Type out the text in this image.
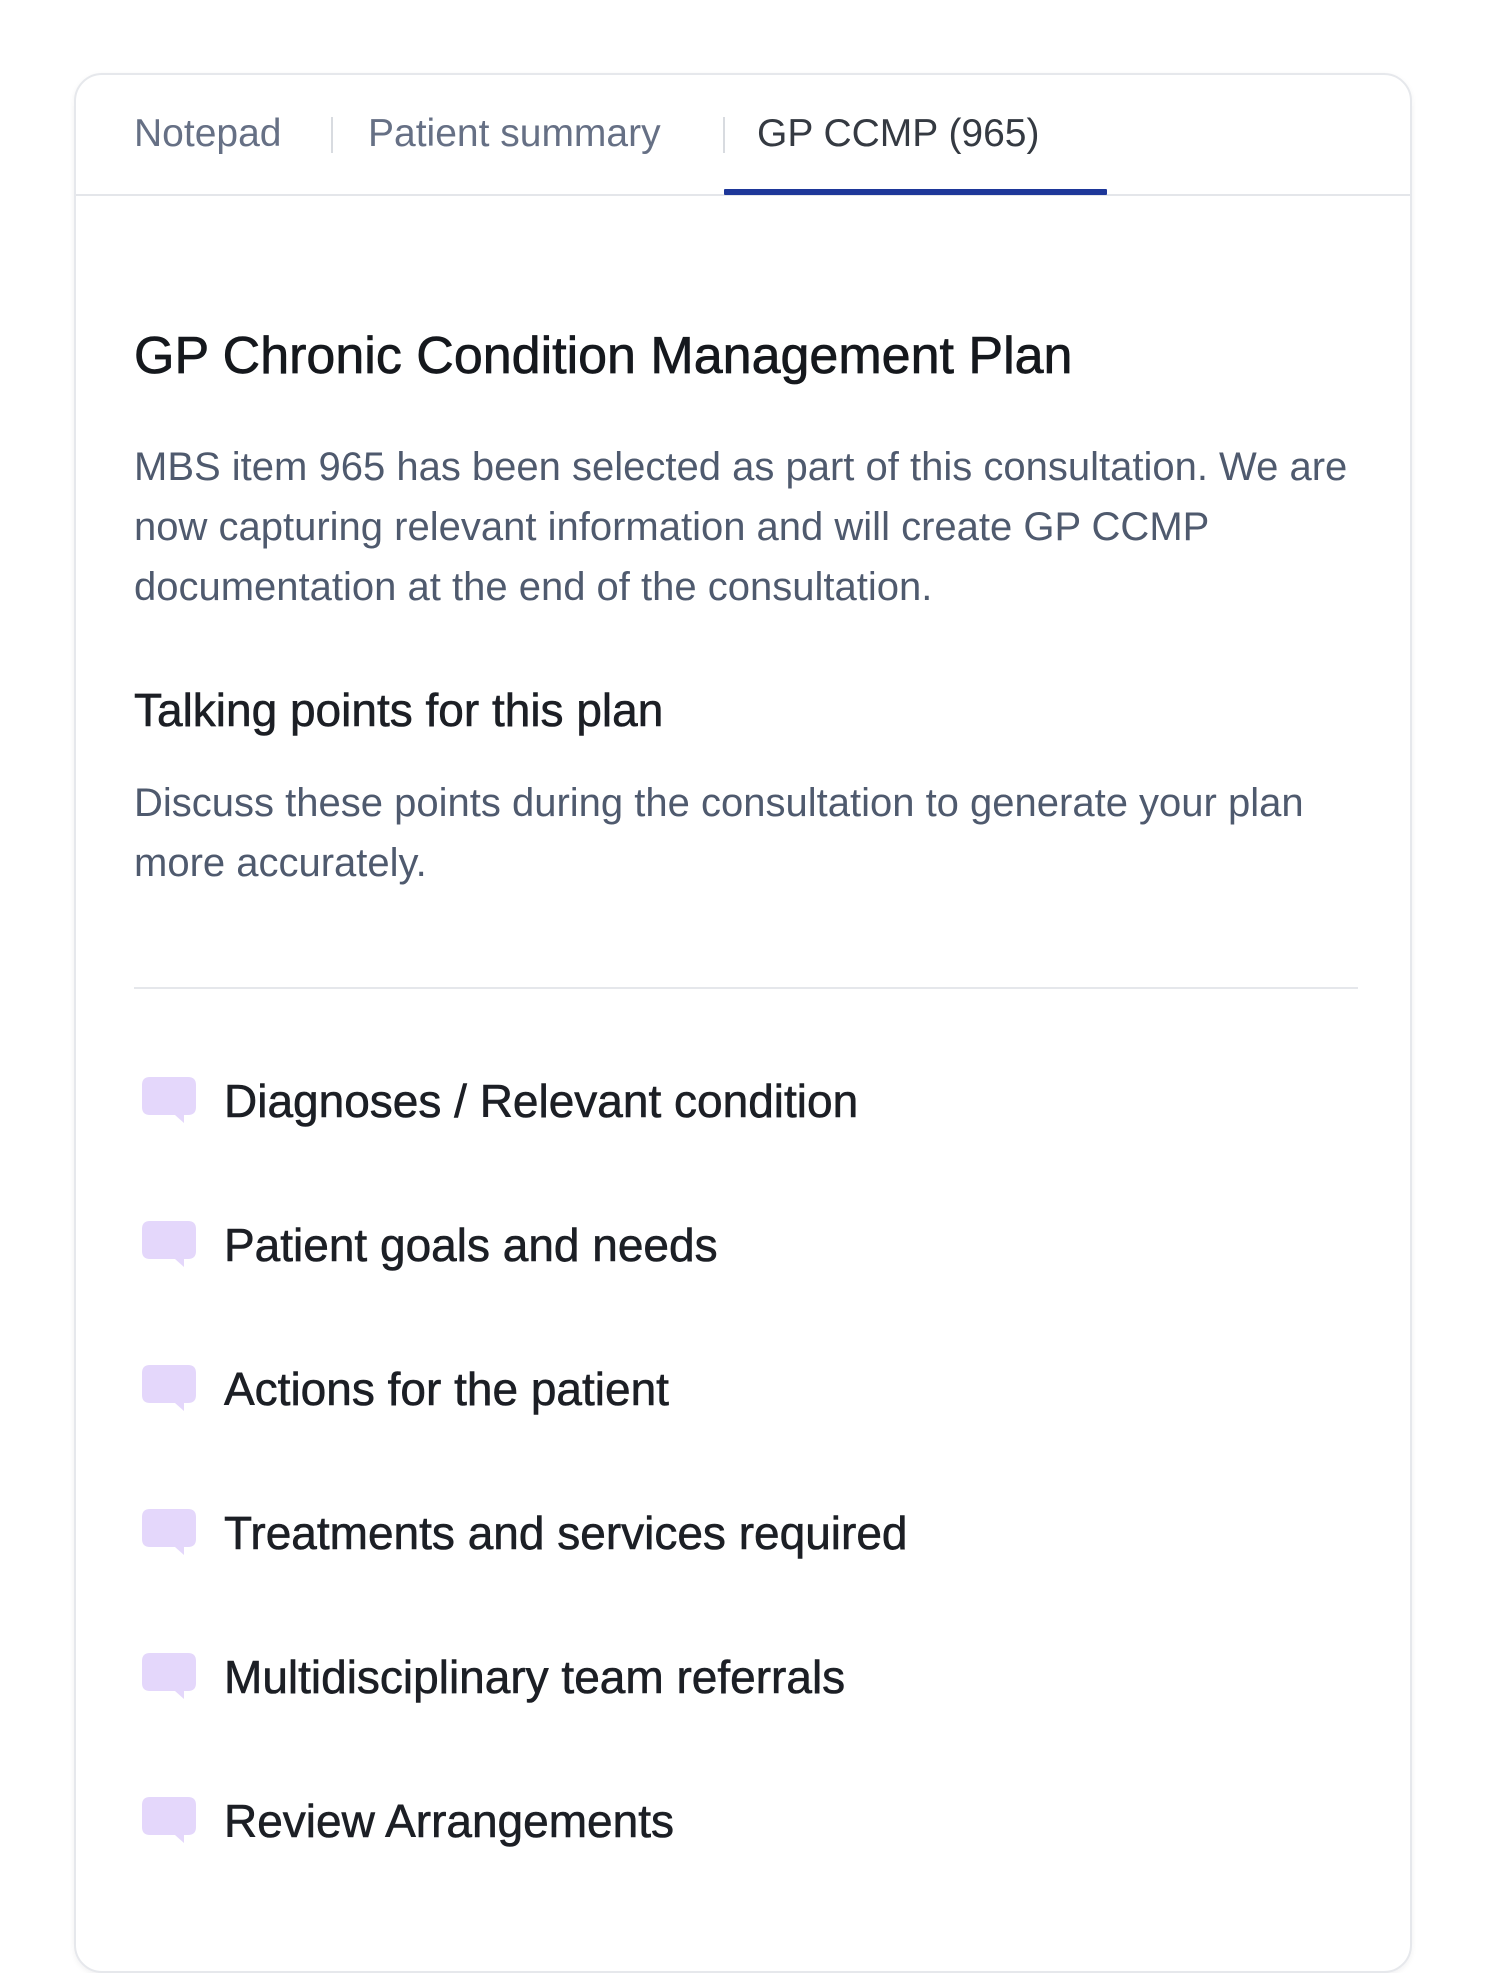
Notepad Patient summary GP CCMP (965)
GP Chronic Condition Management Plan

MBS item 965 has been selected as part of this consultation. We are now capturing relevant information and will create GP CCMP documentation at the end of the consultation.

Talking points for this plan

Discuss these points during the consultation to generate your plan more accurately.

Diagnoses / Relevant condition
Patient goals and needs
Actions for the patient
Treatments and services required
Multidisciplinary team referrals
Review Arrangements
